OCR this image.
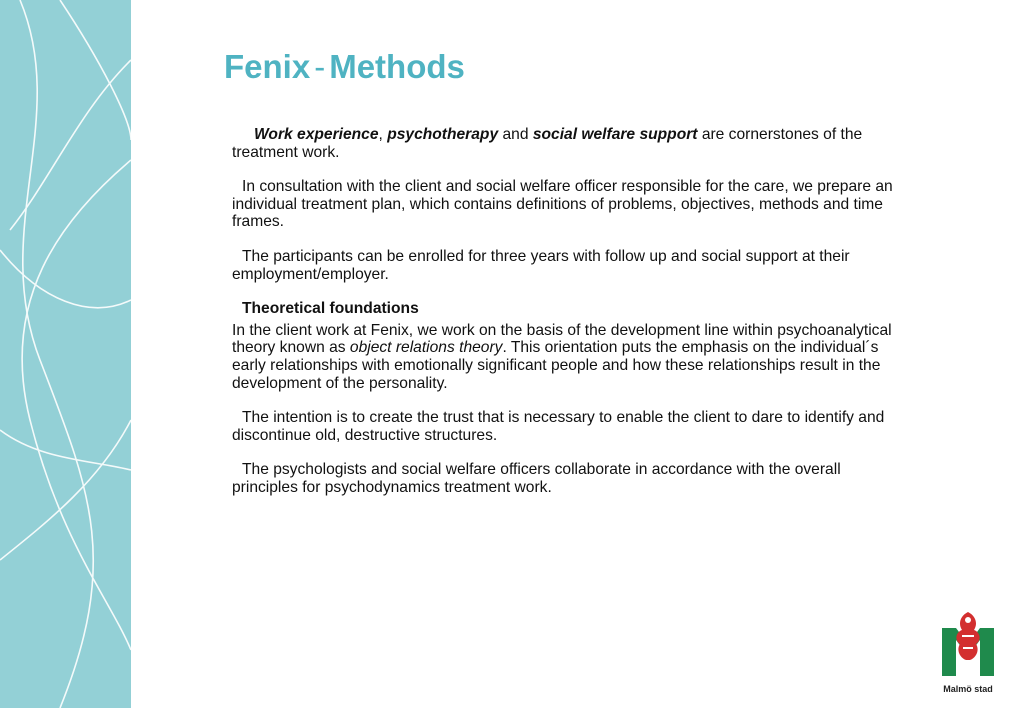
Fenix - Methods

Work experience, psychotherapy and social welfare support are cornerstones of the treatment work.

In consultation with the client and social welfare officer responsible for the care, we prepare an individual treatment plan, which contains definitions of problems, objectives, methods and time frames.

The participants can be enrolled for three years with follow up and social support at their employment/employer.

Theoretical foundations

In the client work at Fenix, we work on the basis of the development line within psychoanalytical theory known as object relations theory. This orientation puts the emphasis on the individual´s early relationships with emotionally significant people and how these relationships result in the development of the personality.

The intention is to create the trust that is necessary to enable the client to dare to identify and discontinue old, destructive structures.

The psychologists and social welfare officers collaborate in accordance with the overall principles for psychodynamics treatment work.

Malmö stad
